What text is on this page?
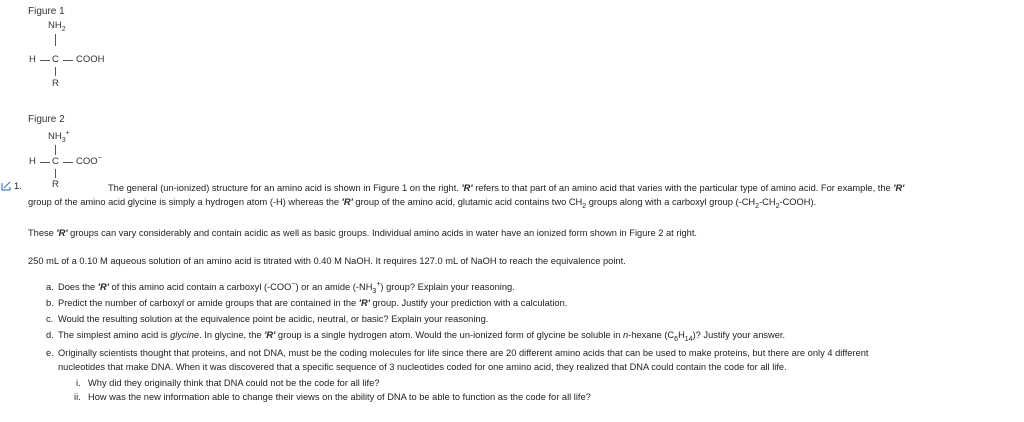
Figure 1
$NH_2$
H C COOH
R
Figure 2
$NH_3^+$
H C COO−
R
1.	The general (un-ionized) structure for an amino acid is shown in Figure 1 on the right. 'R' refers to that part of an amino acid that varies with the particular type of amino acid. For example, the 'R'
group of the amino acid glycine is simply a hydrogen atom (-H) whereas the 'R' group of the amino acid, glutamic acid contains two $CH_2$ groups along with a carboxyl group $(-CH_2-CH_2-COOH)$.
These 'R' groups can vary considerably and contain acidic as well as basic groups. Individual amino acids in water have an ionized form shown in Figure 2 at right.
250 mL of a 0.10 M aqueous solution of an amino acid is titrated with 0.40 M NaOH. It requires 127.0 mL of NaOH to reach the equivalence point.
a. Does the 'R' of this amino acid contain a carboxyl (-COO−) or an amide $(-NH_3^+)$ group? Explain your reasoning.
b. Predict the number of carboxyl or amide groups that are contained in the 'R' group. Justify your prediction with a calculation.
c. Would the resulting solution at the equivalence point be acidic, neutral, or basic? Explain your reasoning.
d. The simplest amino acid is glycine. In glycine, the 'R' group is a single hydrogen atom. Would the un-ionized form of glycine be soluble in n-hexane $(C_6H_{14})$? Justify your answer.
e. Originally scientists thought that proteins, and not DNA, must be the coding molecules for life since there are 20 different amino acids that can be used to make proteins, but there are only 4 different
nucleotides that make DNA. When it was discovered that a specific sequence of 3 nucleotides coded for one amino acid, they realized that DNA could contain the code for all life.
i. Why did they originally think that DNA could not be the code for all life?
ii. How was the new information able to change their views on the ability of DNA to be able to function as the code for all life?
